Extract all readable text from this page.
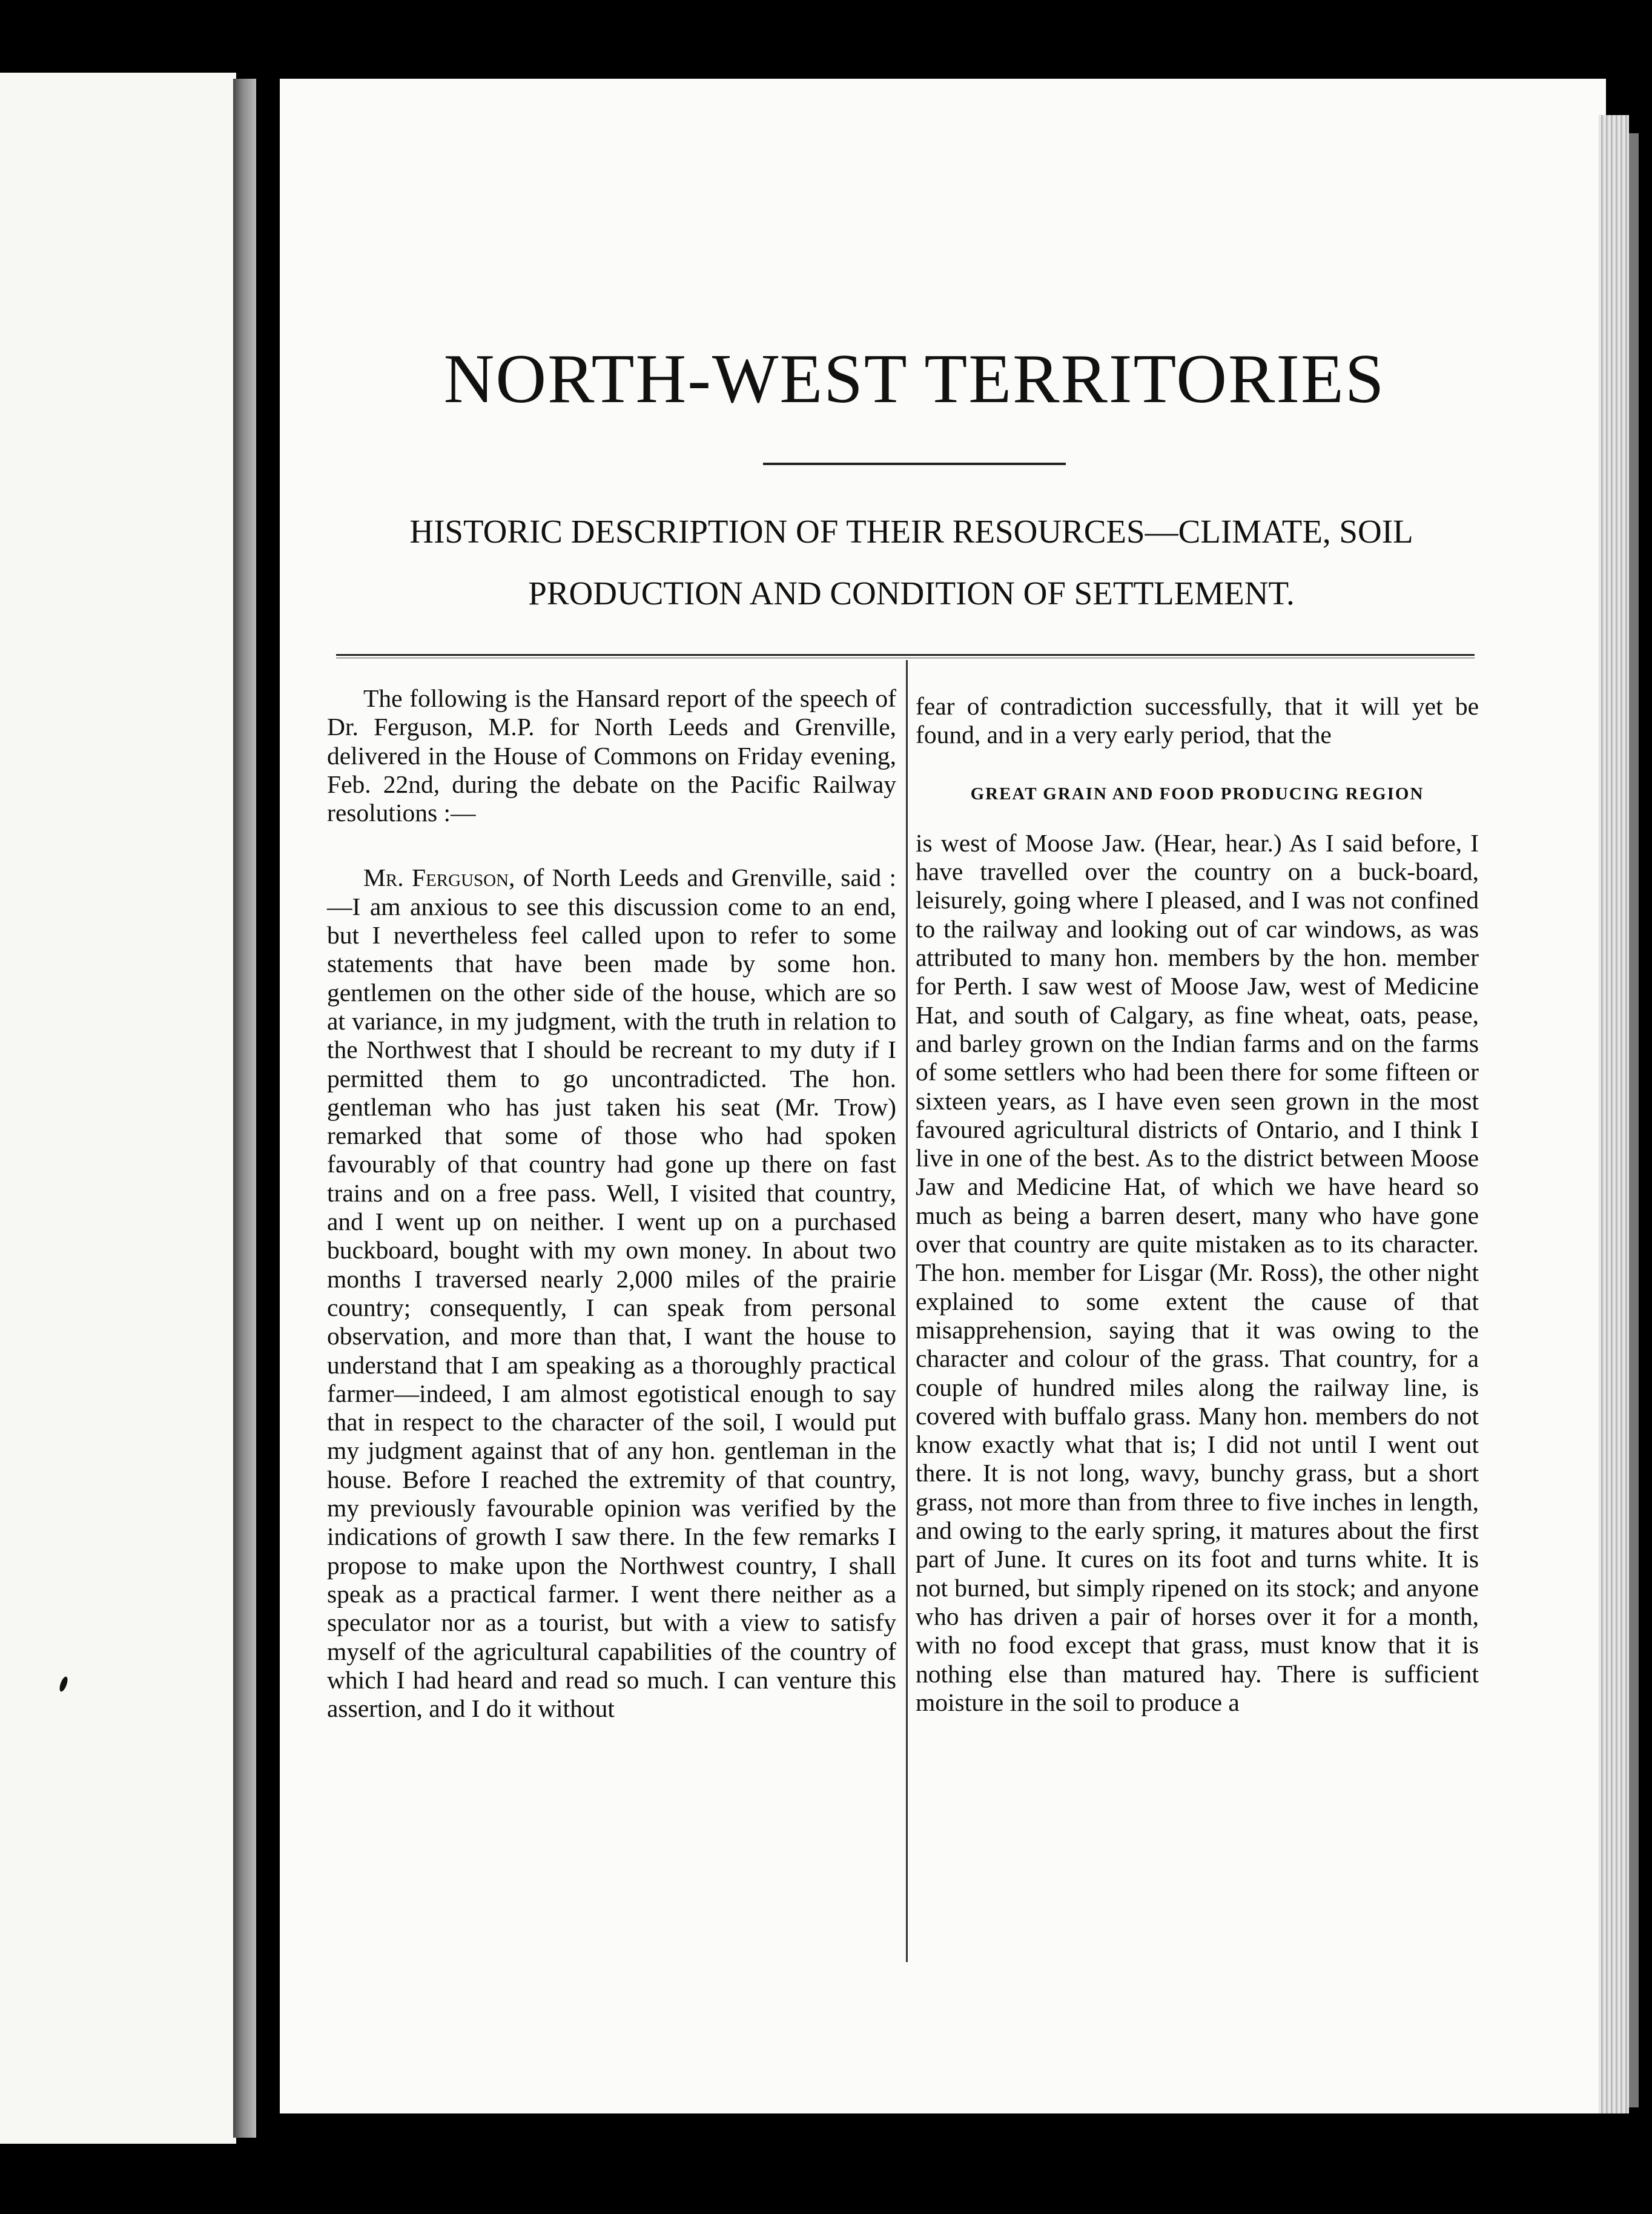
NORTH-WEST TERRITORIES
HISTORIC DESCRIPTION OF THEIR RESOURCES—CLIMATE, SOIL
PRODUCTION AND CONDITION OF SETTLEMENT.

The following is the Hansard report of the speech of Dr. Ferguson, M.P. for North Leeds and Grenville, delivered in the House of Commons on Friday evening, Feb. 22nd, during the debate on the Pacific Railway resolutions :—

Mr. Ferguson, of North Leeds and Grenville, said :—I am anxious to see this discussion come to an end, but I nevertheless feel called upon to refer to some statements that have been made by some hon. gentlemen on the other side of the house, which are so at variance, in my judgment, with the truth in relation to the Northwest that I should be recreant to my duty if I permitted them to go uncontradicted. The hon. gentleman who has just taken his seat (Mr. Trow) remarked that some of those who had spoken favourably of that country had gone up there on fast trains and on a free pass. Well, I visited that country, and I went up on neither. I went up on a purchased buckboard, bought with my own money. In about two months I traversed nearly 2,000 miles of the prairie country; consequently, I can speak from personal observation, and more than that, I want the house to understand that I am speaking as a thoroughly practical farmer—indeed, I am almost egotistical enough to say that in respect to the character of the soil, I would put my judgment against that of any hon. gentleman in the house. Before I reached the extremity of that country, my previously favourable opinion was verified by the indications of growth I saw there. In the few remarks I propose to make upon the Northwest country, I shall speak as a practical farmer. I went there neither as a speculator nor as a tourist, but with a view to satisfy myself of the agricultural capabilities of the country of which I had heard and read so much. I can venture this assertion, and I do it without

fear of contradiction successfully, that it will yet be found, and in a very early period, that the

GREAT GRAIN AND FOOD PRODUCING REGION

is west of Moose Jaw. (Hear, hear.) As I said before, I have travelled over the country on a buck-board, leisurely, going where I pleased, and I was not confined to the railway and looking out of car windows, as was attributed to many hon. members by the hon. member for Perth. I saw west of Moose Jaw, west of Medicine Hat, and south of Calgary, as fine wheat, oats, pease, and barley grown on the Indian farms and on the farms of some settlers who had been there for some fifteen or sixteen years, as I have even seen grown in the most favoured agricultural districts of Ontario, and I think I live in one of the best. As to the district between Moose Jaw and Medicine Hat, of which we have heard so much as being a barren desert, many who have gone over that country are quite mistaken as to its character. The hon. member for Lisgar (Mr. Ross), the other night explained to some extent the cause of that misapprehension, saying that it was owing to the character and colour of the grass. That country, for a couple of hundred miles along the railway line, is covered with buffalo grass. Many hon. members do not know exactly what that is; I did not until I went out there. It is not long, wavy, bunchy grass, but a short grass, not more than from three to five inches in length, and owing to the early spring, it matures about the first part of June. It cures on its foot and turns white. It is not burned, but simply ripened on its stock; and anyone who has driven a pair of horses over it for a month, with no food except that grass, must know that it is nothing else than matured hay. There is sufficient moisture in the soil to produce a
